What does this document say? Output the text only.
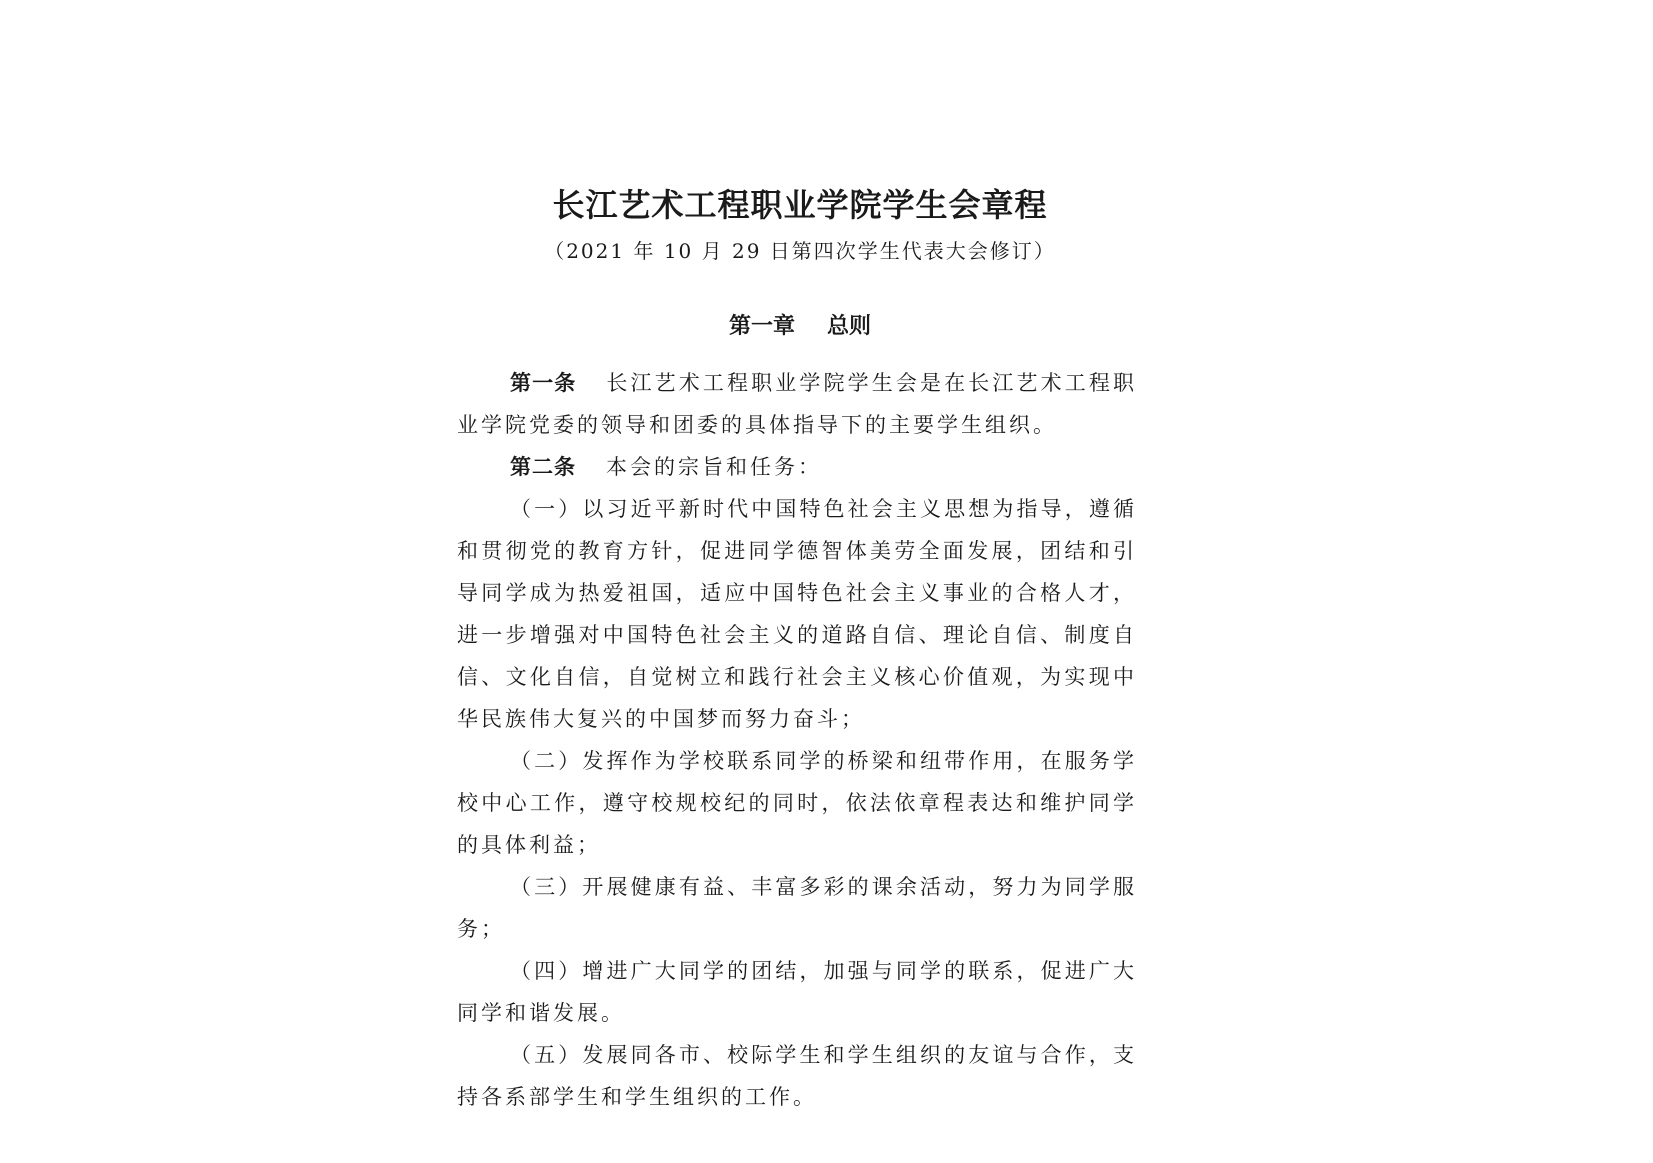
长江艺术工程职业学院学生会章程
（2021 年 10 月 29 日第四次学生代表大会修订）
第一章 总则

第一条 长江艺术工程职业学院学生会是在长江艺术工程职业学院党委的领导和团委的具体指导下的主要学生组织。

第二条 本会的宗旨和任务：

（一）以习近平新时代中国特色社会主义思想为指导，遵循和贯彻党的教育方针，促进同学德智体美劳全面发展，团结和引导同学成为热爱祖国，适应中国特色社会主义事业的合格人才，进一步增强对中国特色社会主义的道路自信、理论自信、制度自信、文化自信，自觉树立和践行社会主义核心价值观，为实现中华民族伟大复兴的中国梦而努力奋斗；

（二）发挥作为学校联系同学的桥梁和纽带作用，在服务学校中心工作，遵守校规校纪的同时，依法依章程表达和维护同学的具体利益；

（三）开展健康有益、丰富多彩的课余活动，努力为同学服务；

（四）增进广大同学的团结，加强与同学的联系，促进广大同学和谐发展。

（五）发展同各市、校际学生和学生组织的友谊与合作，支持各系部学生和学生组织的工作。
